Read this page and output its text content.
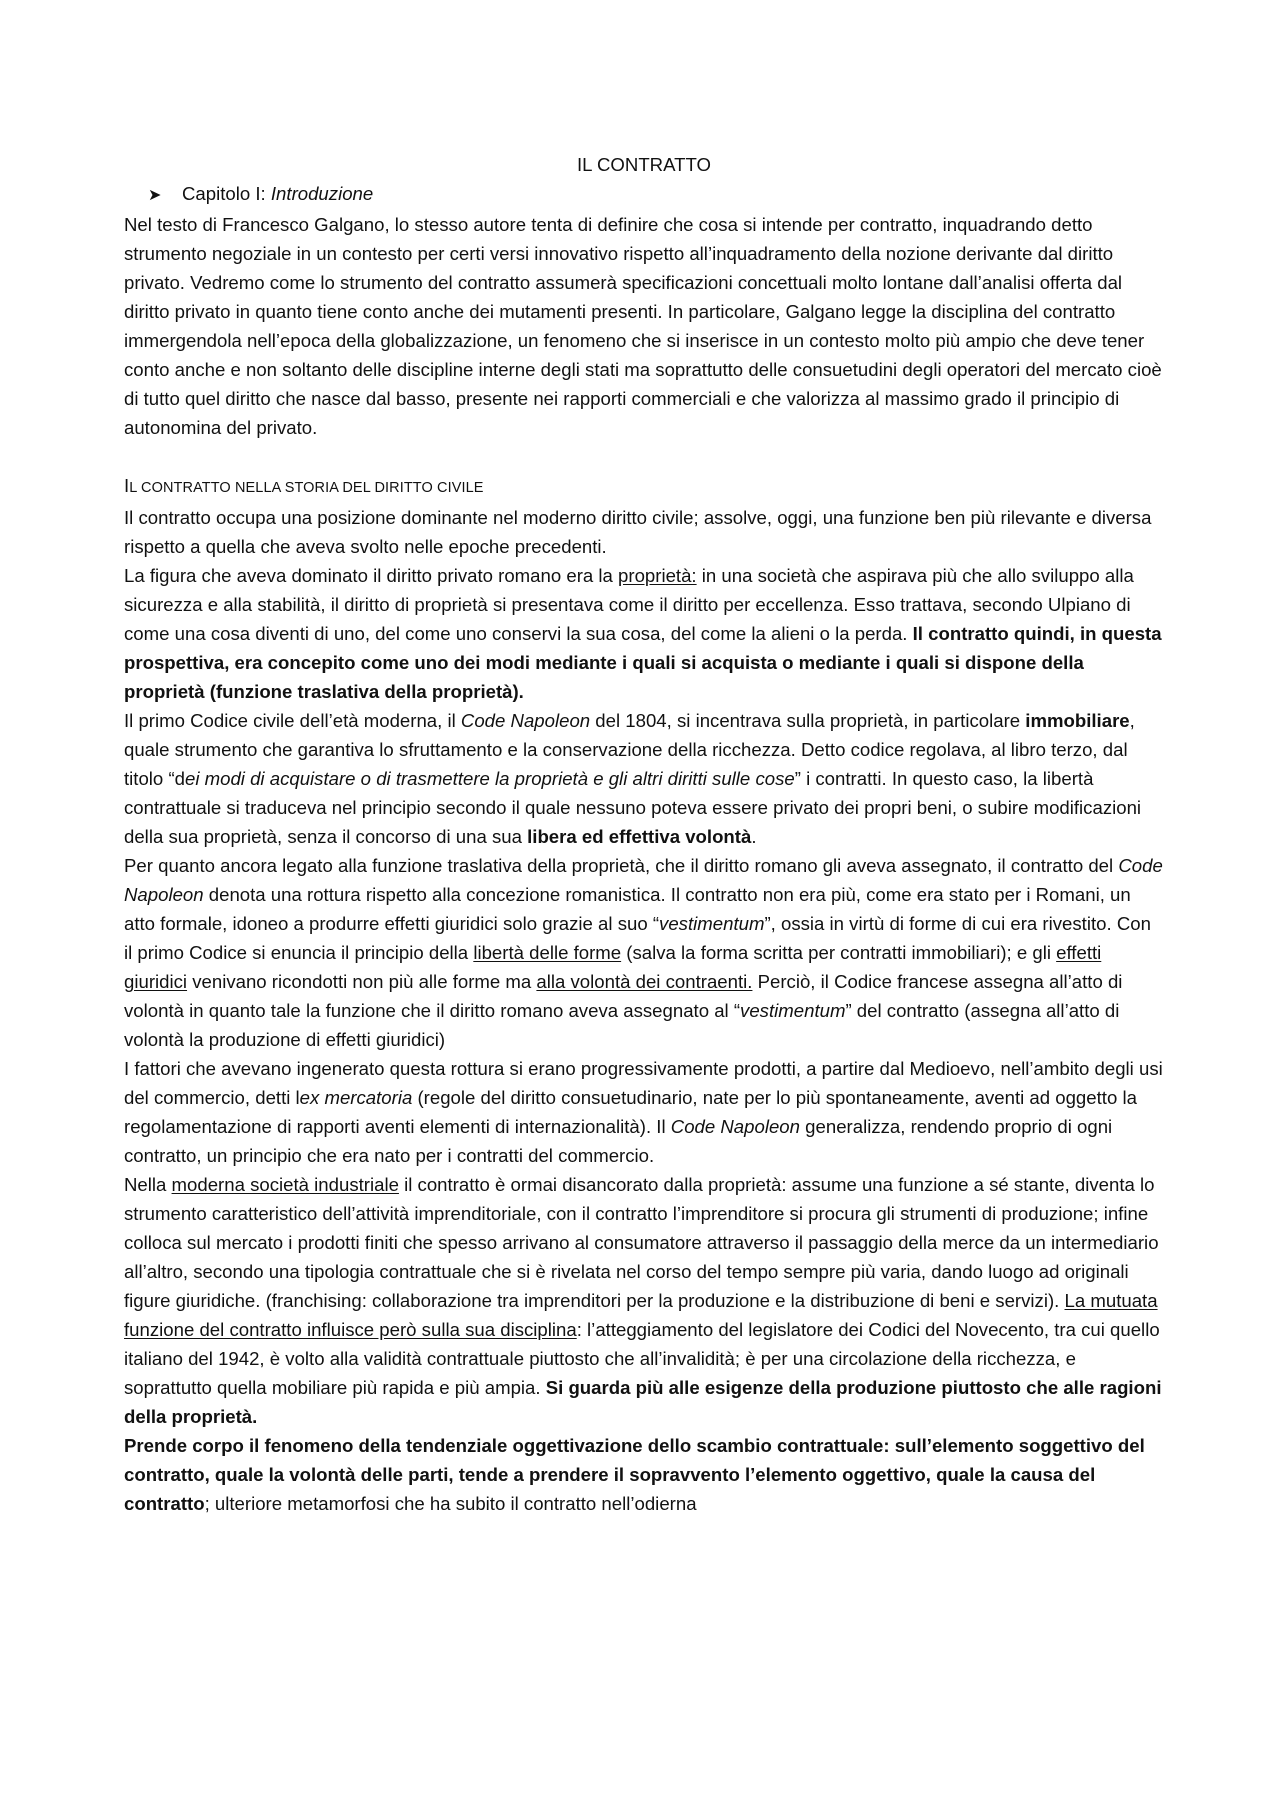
IL CONTRATTO

➤ Capitolo I: Introduzione

Nel testo di Francesco Galgano, lo stesso autore tenta di definire che cosa si intende per contratto, inquadrando detto strumento negoziale in un contesto per certi versi innovativo rispetto all’inquadramento della nozione derivante dal diritto privato. Vedremo come lo strumento del contratto assumerà specificazioni concettuali molto lontane dall’analisi offerta dal diritto privato in quanto tiene conto anche dei mutamenti presenti. In particolare, Galgano legge la disciplina del contratto immergendola nell’epoca della globalizzazione, un fenomeno che si inserisce in un contesto molto più ampio che deve tener conto anche e non soltanto delle discipline interne degli stati ma soprattutto delle consuetudini degli operatori del mercato cioè di tutto quel diritto che nasce dal basso, presente nei rapporti commerciali e che valorizza al massimo grado il principio di autonomina del privato.

IL CONTRATTO NELLA STORIA DEL DIRITTO CIVILE

Il contratto occupa una posizione dominante nel moderno diritto civile; assolve, oggi, una funzione ben più rilevante e diversa rispetto a quella che aveva svolto nelle epoche precedenti.

La figura che aveva dominato il diritto privato romano era la proprietà: in una società che aspirava più che allo sviluppo alla sicurezza e alla stabilità, il diritto di proprietà si presentava come il diritto per eccellenza. Esso trattava, secondo Ulpiano di come una cosa diventi di uno, del come uno conservi la sua cosa, del come la alieni o la perda. Il contratto quindi, in questa prospettiva, era concepito come uno dei modi mediante i quali si acquista o mediante i quali si dispone della proprietà (funzione traslativa della proprietà).

Il primo Codice civile dell’età moderna, il Code Napoleon del 1804, si incentrava sulla proprietà, in particolare immobiliare, quale strumento che garantiva lo sfruttamento e la conservazione della ricchezza. Detto codice regolava, al libro terzo, dal titolo “dei modi di acquistare o di trasmettere la proprietà e gli altri diritti sulle cose” i contratti. In questo caso, la libertà contrattuale si traduceva nel principio secondo il quale nessuno poteva essere privato dei propri beni, o subire modificazioni della sua proprietà, senza il concorso di una sua libera ed effettiva volontà.

Per quanto ancora legato alla funzione traslativa della proprietà, che il diritto romano gli aveva assegnato, il contratto del Code Napoleon denota una rottura rispetto alla concezione romanistica. Il contratto non era più, come era stato per i Romani, un atto formale, idoneo a produrre effetti giuridici solo grazie al suo “vestimentum”, ossia in virtù di forme di cui era rivestito. Con il primo Codice si enuncia il principio della libertà delle forme (salva la forma scritta per contratti immobiliari); e gli effetti giuridici venivano ricondotti non più alle forme ma alla volontà dei contraenti. Perciò, il Codice francese assegna all’atto di volontà in quanto tale la funzione che il diritto romano aveva assegnato al “vestimentum” del contratto (assegna all’atto di volontà la produzione di effetti giuridici)

I fattori che avevano ingenerato questa rottura si erano progressivamente prodotti, a partire dal Medioevo, nell’ambito degli usi del commercio, detti lex mercatoria (regole del diritto consuetudinario, nate per lo più spontaneamente, aventi ad oggetto la regolamentazione di rapporti aventi elementi di internazionalità). Il Code Napoleon generalizza, rendendo proprio di ogni contratto, un principio che era nato per i contratti del commercio.

Nella moderna società industriale il contratto è ormai disancorato dalla proprietà: assume una funzione a sé stante, diventa lo strumento caratteristico dell’attività imprenditoriale, con il contratto l’imprenditore si procura gli strumenti di produzione; infine colloca sul mercato i prodotti finiti che spesso arrivano al consumatore attraverso il passaggio della merce da un intermediario all’altro, secondo una tipologia contrattuale che si è rivelata nel corso del tempo sempre più varia, dando luogo ad originali figure giuridiche. (franchising: collaborazione tra imprenditori per la produzione e la distribuzione di beni e servizi). La mutuata funzione del contratto influisce però sulla sua disciplina: l’atteggiamento del legislatore dei Codici del Novecento, tra cui quello italiano del 1942, è volto alla validità contrattuale piuttosto che all’invalidità; è per una circolazione della ricchezza, e soprattutto quella mobiliare più rapida e più ampia. Si guarda più alle esigenze della produzione piuttosto che alle ragioni della proprietà.

Prende corpo il fenomeno della tendenziale oggettivazione dello scambio contrattuale: sull’elemento soggettivo del contratto, quale la volontà delle parti, tende a prendere il sopravvento l’elemento oggettivo, quale la causa del contratto; ulteriore metamorfosi che ha subito il contratto nell’odierna
